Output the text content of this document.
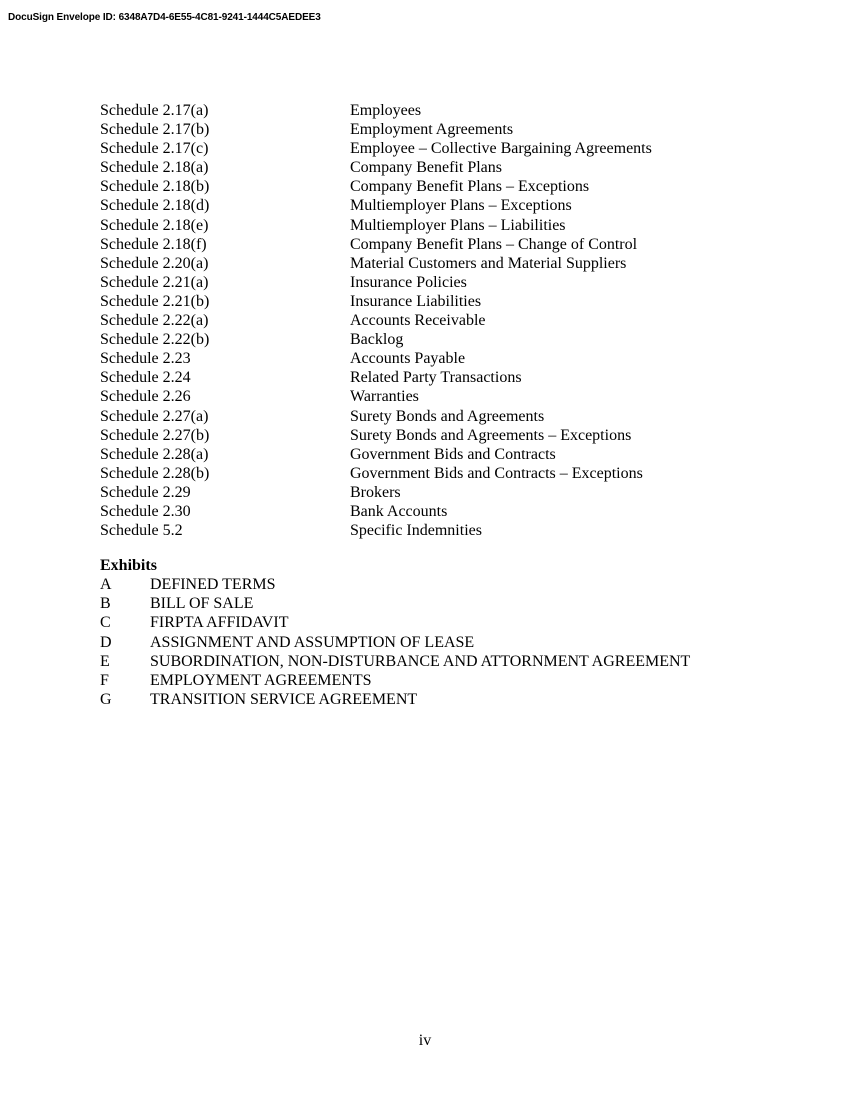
DocuSign Envelope ID: 6348A7D4-6E55-4C81-9241-1444C5AEDEE3
Schedule 2.17(a)	Employees
Schedule 2.17(b)	Employment Agreements
Schedule 2.17(c)	Employee – Collective Bargaining Agreements
Schedule 2.18(a)	Company Benefit Plans
Schedule 2.18(b)	Company Benefit Plans – Exceptions
Schedule 2.18(d)	Multiemployer Plans – Exceptions
Schedule 2.18(e)	Multiemployer Plans – Liabilities
Schedule 2.18(f)	Company Benefit Plans – Change of Control
Schedule 2.20(a)	Material Customers and Material Suppliers
Schedule 2.21(a)	Insurance Policies
Schedule 2.21(b)	Insurance Liabilities
Schedule 2.22(a)	Accounts Receivable
Schedule 2.22(b)	Backlog
Schedule 2.23	Accounts Payable
Schedule 2.24	Related Party Transactions
Schedule 2.26	Warranties
Schedule 2.27(a)	Surety Bonds and Agreements
Schedule 2.27(b)	Surety Bonds and Agreements – Exceptions
Schedule 2.28(a)	Government Bids and Contracts
Schedule 2.28(b)	Government Bids and Contracts – Exceptions
Schedule 2.29	Brokers
Schedule 2.30	Bank Accounts
Schedule 5.2	Specific Indemnities
Exhibits
A DEFINED TERMS
B BILL OF SALE
C FIRPTA AFFIDAVIT
D ASSIGNMENT AND ASSUMPTION OF LEASE
E	SUBORDINATION, NON-DISTURBANCE AND ATTORNMENT AGREEMENT
F	EMPLOYMENT AGREEMENTS
G TRANSITION SERVICE AGREEMENT
iv
